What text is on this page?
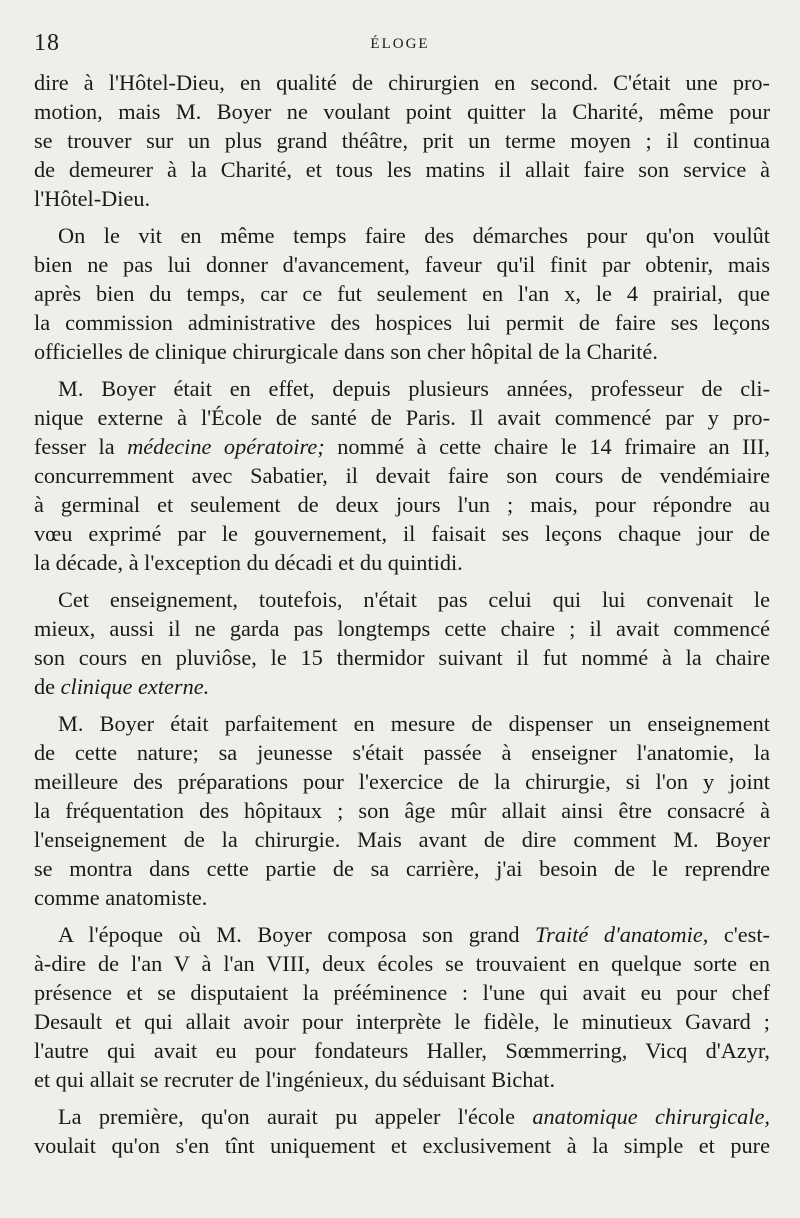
18	ÉLOGE
dire à l'Hôtel-Dieu, en qualité de chirurgien en second. C'était une pro-
motion, mais M. Boyer ne voulant point quitter la Charité, même pour
se trouver sur un plus grand théâtre, prit un terme moyen ; il continua
de demeurer à la Charité, et tous les matins il allait faire son service à
l'Hôtel-Dieu.
On le vit en même temps faire des démarches pour qu'on voulût
bien ne pas lui donner d'avancement, faveur qu'il finit par obtenir, mais
après bien du temps, car ce fut seulement en l'an x, le 4 prairial, que
la commission administrative des hospices lui permit de faire ses leçons
officielles de clinique chirurgicale dans son cher hôpital de la Charité.
M. Boyer était en effet, depuis plusieurs années, professeur de cli-
nique externe à l'École de santé de Paris. Il avait commencé par y pro-
fesser la médecine opératoire; nommé à cette chaire le 14 frimaire an III,
concurremment avec Sabatier, il devait faire son cours de vendémiaire
à germinal et seulement de deux jours l'un ; mais, pour répondre au
vœu exprimé par le gouvernement, il faisait ses leçons chaque jour de
la décade, à l'exception du décadi et du quintidi.
Cet enseignement, toutefois, n'était pas celui qui lui convenait le
mieux, aussi il ne garda pas longtemps cette chaire ; il avait commencé
son cours en pluviôse, le 15 thermidor suivant il fut nommé à la chaire
de clinique externe.
M. Boyer était parfaitement en mesure de dispenser un enseignement
de cette nature; sa jeunesse s'était passée à enseigner l'anatomie, la
meilleure des préparations pour l'exercice de la chirurgie, si l'on y joint
la fréquentation des hôpitaux ; son âge mûr allait ainsi être consacré à
l'enseignement de la chirurgie. Mais avant de dire comment M. Boyer
se montra dans cette partie de sa carrière, j'ai besoin de le reprendre
comme anatomiste.
A l'époque où M. Boyer composa son grand Traité d'anatomie, c'est-
à-dire de l'an V à l'an VIII, deux écoles se trouvaient en quelque sorte en
présence et se disputaient la prééminence : l'une qui avait eu pour chef
Desault et qui allait avoir pour interprète le fidèle, le minutieux Gavard ;
l'autre qui avait eu pour fondateurs Haller, Sœmmerring, Vicq d'Azyr,
et qui allait se recruter de l'ingénieux, du séduisant Bichat.
La première, qu'on aurait pu appeler l'école anatomique chirurgicale,
voulait qu'on s'en tînt uniquement et exclusivement à la simple et pure
